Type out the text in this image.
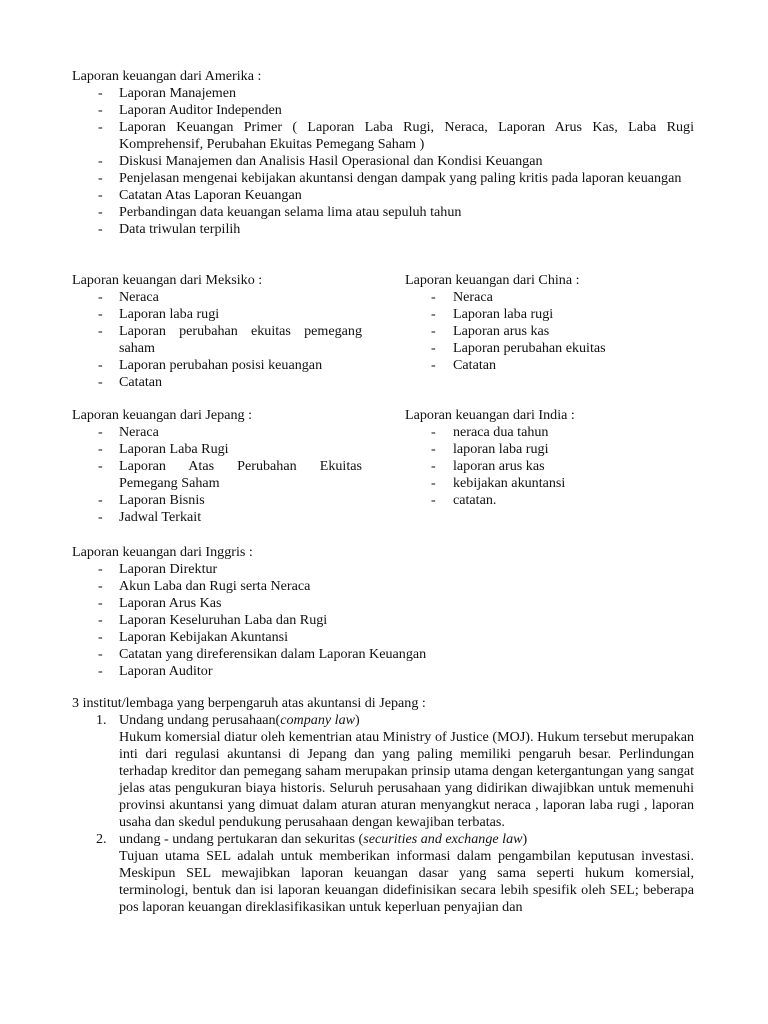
Laporan keuangan dari Amerika :

- Laporan Manajemen
- Laporan Auditor Independen
- Laporan Keuangan Primer ( Laporan Laba Rugi, Neraca, Laporan Arus Kas, Laba Rugi Komprehensif, Perubahan Ekuitas Pemegang Saham )
- Diskusi Manajemen dan Analisis Hasil Operasional dan Kondisi Keuangan
- Penjelasan mengenai kebijakan akuntansi dengan dampak yang paling kritis pada laporan keuangan
- Catatan Atas Laporan Keuangan
- Perbandingan data keuangan selama lima atau sepuluh tahun
- Data triwulan terpilih

Laporan keuangan dari Meksiko :

- Neraca
- Laporan laba rugi
- Laporan perubahan ekuitas pemegang saham
- Laporan perubahan posisi keuangan
- Catatan

Laporan keuangan dari China :

- Neraca
- Laporan laba rugi
- Laporan arus kas
- Laporan perubahan ekuitas
- Catatan

Laporan keuangan dari Jepang :

- Neraca
- Laporan Laba Rugi
- Laporan Atas Perubahan Ekuitas Pemegang Saham
- Laporan Bisnis
- Jadwal Terkait

Laporan keuangan dari India :

- neraca dua tahun
- laporan laba rugi
- laporan arus kas
- kebijakan akuntansi
- catatan.

Laporan keuangan dari Inggris :

- Laporan Direktur
- Akun Laba dan Rugi serta Neraca
- Laporan Arus Kas
- Laporan Keseluruhan Laba dan Rugi
- Laporan Kebijakan Akuntansi
- Catatan yang direferensikan dalam Laporan Keuangan
- Laporan Auditor

3 institut/lembaga yang berpengaruh atas akuntansi di Jepang :

1. Undang undang perusahaan(company law)

Hukum komersial diatur oleh kementrian atau Ministry of Justice (MOJ). Hukum tersebut merupakan inti dari regulasi akuntansi di Jepang dan yang paling memiliki pengaruh besar. Perlindungan terhadap kreditor dan pemegang saham merupakan prinsip utama dengan ketergantungan yang sangat jelas atas pengukuran biaya historis. Seluruh perusahaan yang didirikan diwajibkan untuk memenuhi provinsi akuntansi yang dimuat dalam aturan aturan menyangkut neraca , laporan laba rugi , laporan usaha dan skedul pendukung perusahaan dengan kewajiban terbatas.

2. undang - undang pertukaran dan sekuritas (securities and exchange law)

Tujuan utama SEL adalah untuk memberikan informasi dalam pengambilan keputusan investasi. Meskipun SEL mewajibkan laporan keuangan dasar yang sama seperti hukum komersial, terminologi, bentuk dan isi laporan keuangan didefinisikan secara lebih spesifik oleh SEL; beberapa pos laporan keuangan direklasifikasikan untuk keperluan penyajian dan
